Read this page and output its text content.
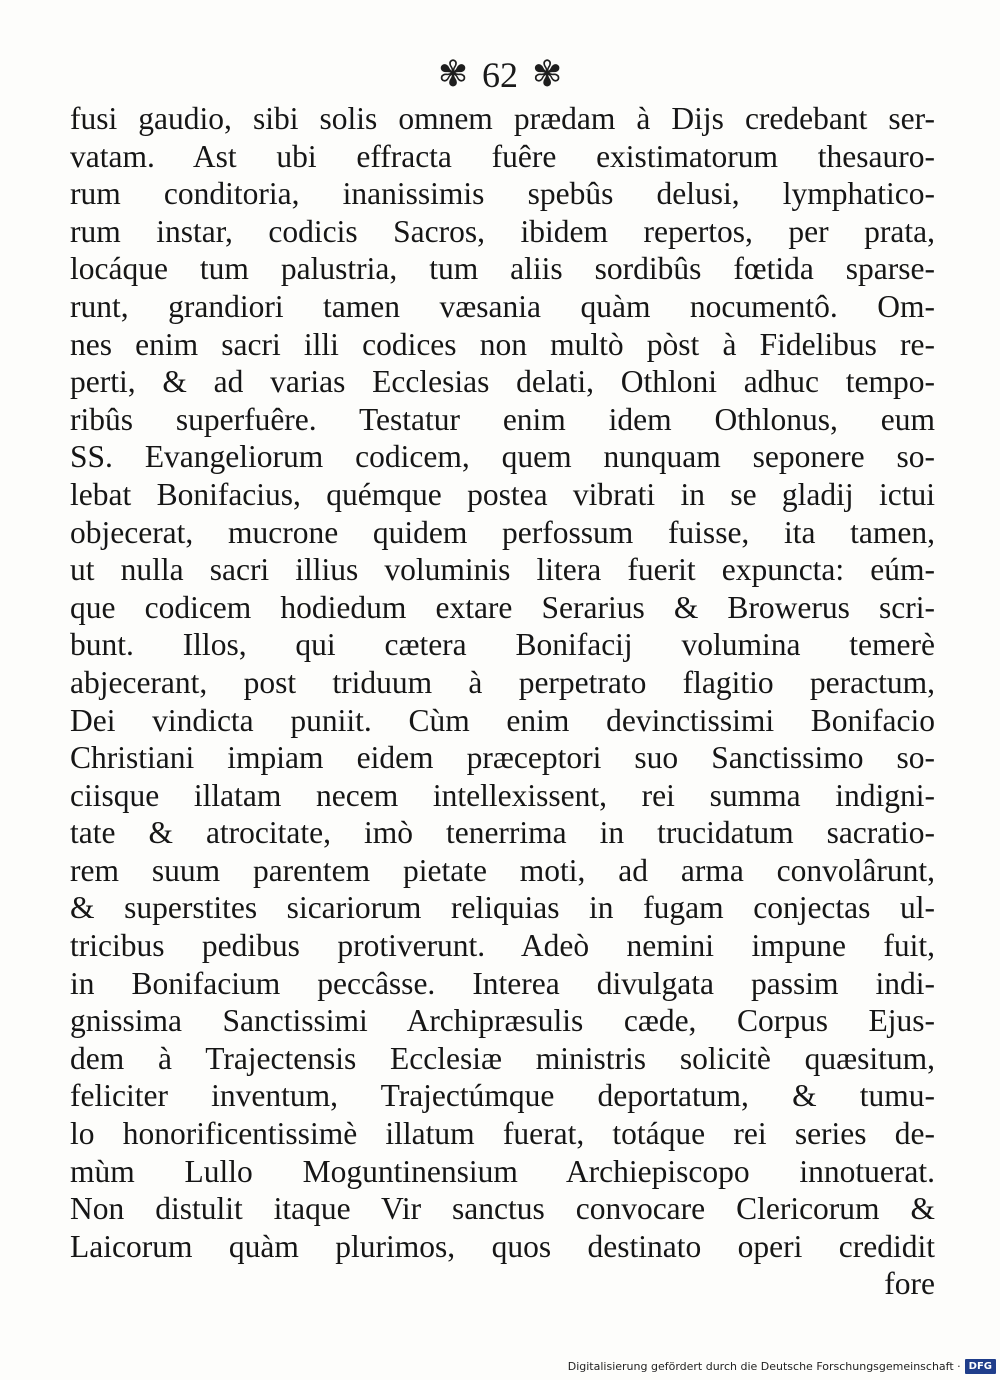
✾ 62 ✾
fusi gaudio, sibi solis omnem prædam à Dijs credebant ser-
vatam. Ast ubi effracta fuêre existimatorum thesauro-
rum conditoria, inanissimis spebûs delusi, lymphatico-
rum instar, codicis Sacros, ibidem repertos, per prata,
locáque tum palustria, tum aliis sordibûs fœtida sparse-
runt, grandiori tamen væsania quàm nocumentô. Om-
nes enim sacri illi codices non multò pòst à Fidelibus re-
perti, & ad varias Ecclesias delati, Othloni adhuc tempo-
ribûs superfuêre. Testatur enim idem Othlonus, eum
SS. Evangeliorum codicem, quem nunquam seponere so-
lebat Bonifacius, quémque postea vibrati in se gladij ictui
objecerat, mucrone quidem perfossum fuisse, ita tamen,
ut nulla sacri illius voluminis litera fuerit expuncta: eúm-
que codicem hodiedum extare Serarius & Browerus scri-
bunt. Illos, qui cætera Bonifacij volumina temerè
abjecerant, post triduum à perpetrato flagitio peractum,
Dei vindicta puniit. Cùm enim devinctissimi Bonifacio
Christiani impiam eidem præceptori suo Sanctissimo so-
ciisque illatam necem intellexissent, rei summa indigni-
tate & atrocitate, imò tenerrima in trucidatum sacratio-
rem suum parentem pietate moti, ad arma convolârunt,
& superstites sicariorum reliquias in fugam conjectas ul-
tricibus pedibus protiverunt. Adeò nemini impune fuit,
in Bonifacium peccâsse. Interea divulgata passim indi-
gnissima Sanctissimi Archipræsulis cæde, Corpus Ejus-
dem à Trajectensis Ecclesiæ ministris solicitè quæsitum,
feliciter inventum, Trajectúmque deportatum, & tumu-
lo honorificentissimè illatum fuerat, totáque rei series de-
mùm Lullo Moguntinensium Archiepiscopo innotuerat.
Non distulit itaque Vir sanctus convocare Clericorum &
Laicorum quàm plurimos, quos destinato operi credidit
fore
Digitalisierung gefördert durch die Deutsche Forschungsgemeinschaft · DFG
